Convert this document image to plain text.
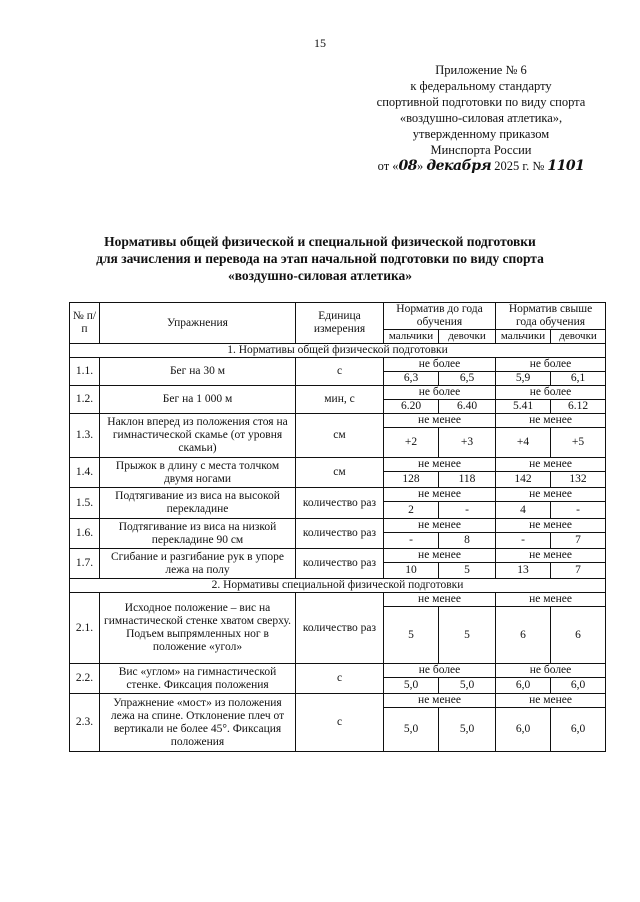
15
Приложение № 6
к федеральному стандарту
спортивной подготовки по виду спорта
«воздушно-силовая атлетика»,
утвержденному приказом
Минспорта России
от «08» декабря 2025 г. № 1101
Нормативы общей физической и специальной физической подготовки
для зачисления и перевода на этап начальной подготовки по виду спорта
«воздушно-силовая атлетика»
№ п/п	Упражнения	Единица измерения	Норматив до года обучения		Норматив свыше года обучения	
			мальчики	девочки	мальчики	девочки
1. Нормативы общей физической подготовки						
1.1.	Бег на 30 м	с	не более		не более	
			6,3	6,5	5,9	6,1
1.2.	Бег на 1 000 м	мин, с	не более		не более	
			6.20	6.40	5.41	6.12
1.3.	Наклон вперед из положения стоя на гимнастической скамье (от уровня скамьи)	см	не менее		не менее	
			+2	+3	+4	+5
1.4.	Прыжок в длину с места толчком двумя ногами	см	не менее		не менее	
			128	118	142	132
1.5.	Подтягивание из виса на высокой перекладине	количество раз	не менее		не менее	
			2	-	4	-
1.6.	Подтягивание из виса на низкой перекладине 90 см	количество раз	не менее		не менее	
			-	8	-	7
1.7.	Сгибание и разгибание рук в упоре лежа на полу	количество раз	не менее		не менее	
			10	5	13	7
2. Нормативы специальной физической подготовки						
2.1.	Исходное положение – вис на гимнастической стенке хватом сверху. Подъем выпрямленных ног в положение «угол»	количество раз	не менее		не менее	
			5	5	6	6
2.2.	Вис «углом» на гимнастической стенке. Фиксация положения	с	не более		не более	
			5,0	5,0	6,0	6,0
2.3.	Упражнение «мост» из положения лежа на спине. Отклонение плеч от вертикали не более 45°. Фиксация положения	с	не менее		не менее	
			5,0	5,0	6,0	6,0
